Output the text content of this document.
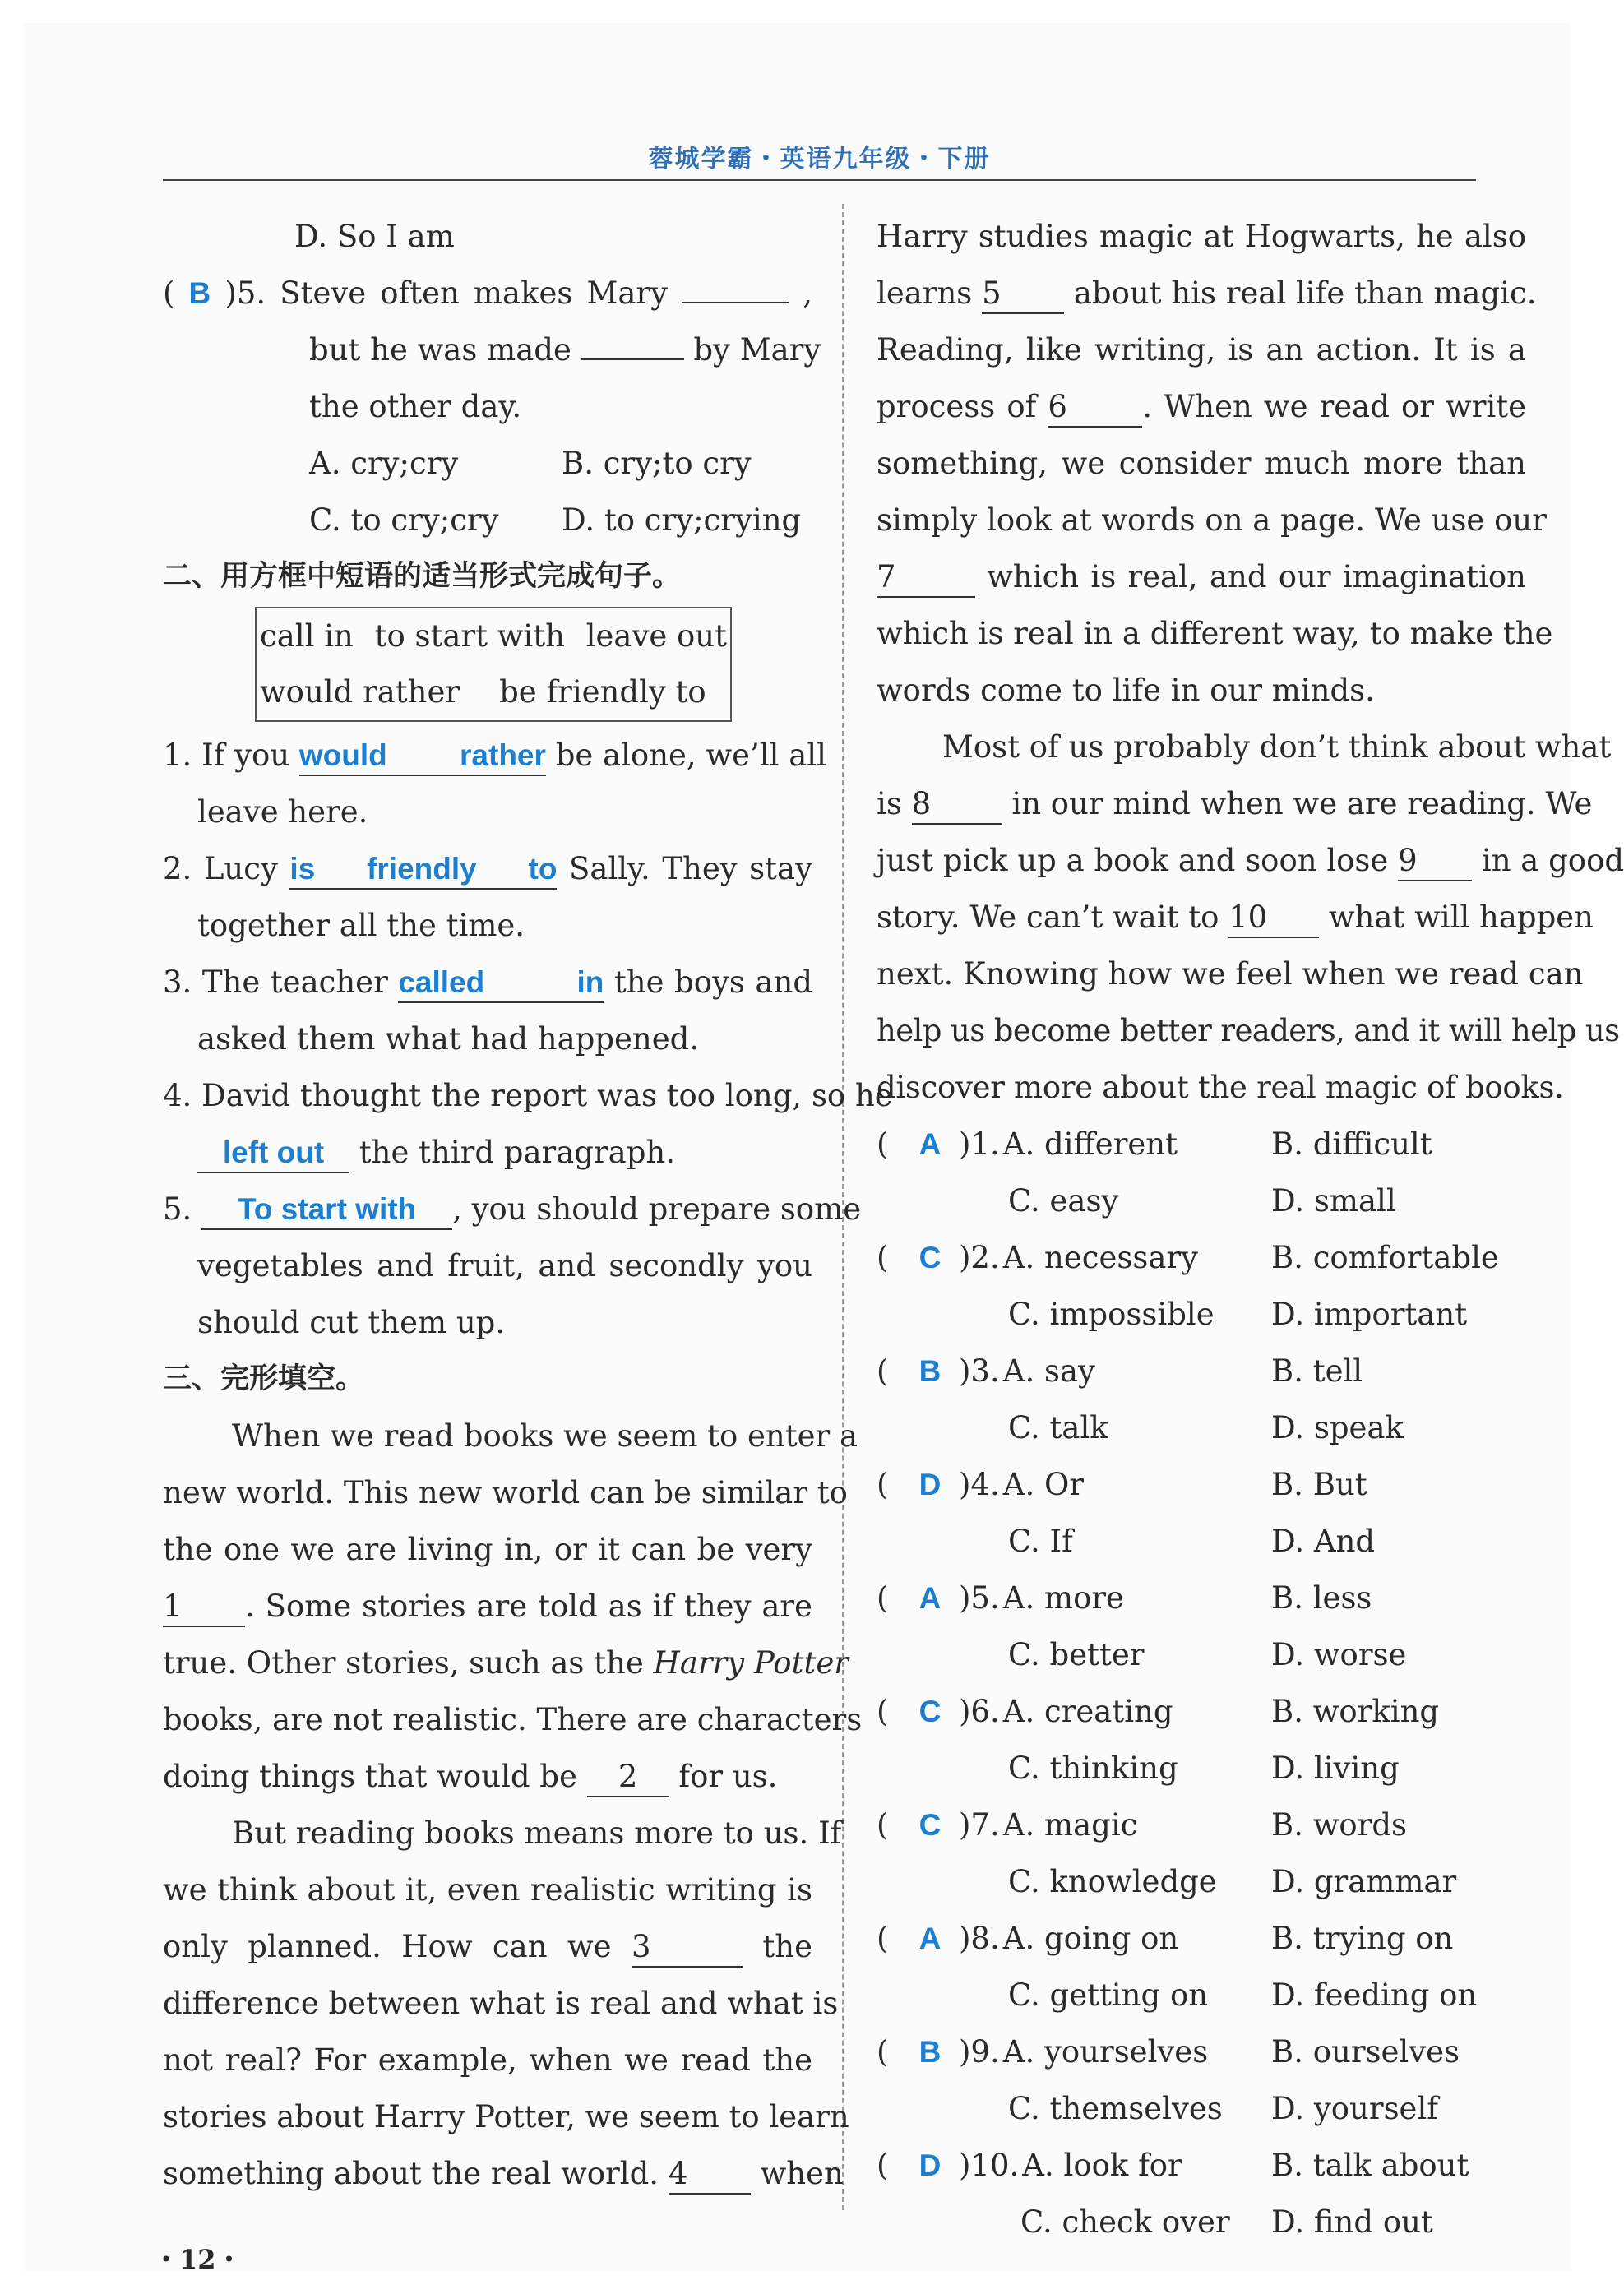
蓉城学霸・英语九年级・下册
D. So I am
( B )5. Steve often makes Mary	,
but he was made	by Mary
the other day.
A. cry;cry	B. cry;to cry
C. to cry;cry D. to cry;crying
二、用方框中短语的适当形式完成句子。
call in to start with leave out
would rather be friendly to
1. If you would rather be alone, we’ll all
leave here.
2. Lucy is friendly to Sally. They stay
together all the time.
3. The teacher called in the boys and
asked them what had happened.
4. David thought the report was too long, so he
left out the third paragraph.
5. To start with , you should prepare some
vegetables and fruit, and secondly you
should cut them up.
三、完形填空。
When we read books we seem to enter a
new world. This new world can be similar to
the one we are living in, or it can be very
1 . Some stories are told as if they are
true. Other stories, such as the Harry Potter
books, are not realistic. There are characters
doing things that would be 2 for us.
But reading books means more to us. If
we think about it, even realistic writing is
only planned. How can we 3	the
difference between what is real and what is
not real? For example, when we read the
stories about Harry Potter, we seem to learn
something about the real world. 4 when
Harry studies magic at Hogwarts, he also
learns 5 about his real life than magic.
Reading, like writing, is an action. It is a
process of 6 . When we read or write
something, we consider much more than
simply look at words on a page. We use our
7	which is real, and our imagination
which is real in a different way, to make the
words come to life in our minds.
Most of us probably don’t think about what
is 8	in our mind when we are reading. We
just pick up a book and soon lose 9 in a good
story. We can’t wait to 10 what will happen
next. Knowing how we feel when we read can
help us become better readers, and it will help us
discover more about the real magic of books.
(	A )1. A. different	B. difficult
C. easy	D. small
(	C )2. A. necessary B. comfortable
C. impossible D. important
(	B )3. A. say	B. tell
C. talk	D. speak
(	D )4. A. Or	B. But
C. If	D. And
(	A )5. A. more	B. less
C. better	D. worse
(	C )6. A. creating	B. working
C. thinking	D. living
(	C )7. A. magic	B. words
C. knowledge D. grammar
(	A )8. A. going on	B. trying on
C. getting on D. feeding on
(	B )9. A. yourselves B. ourselves
C. themselves D. yourself
(	D )10. A. look for	B. talk about
C. check over D. find out
・12・
